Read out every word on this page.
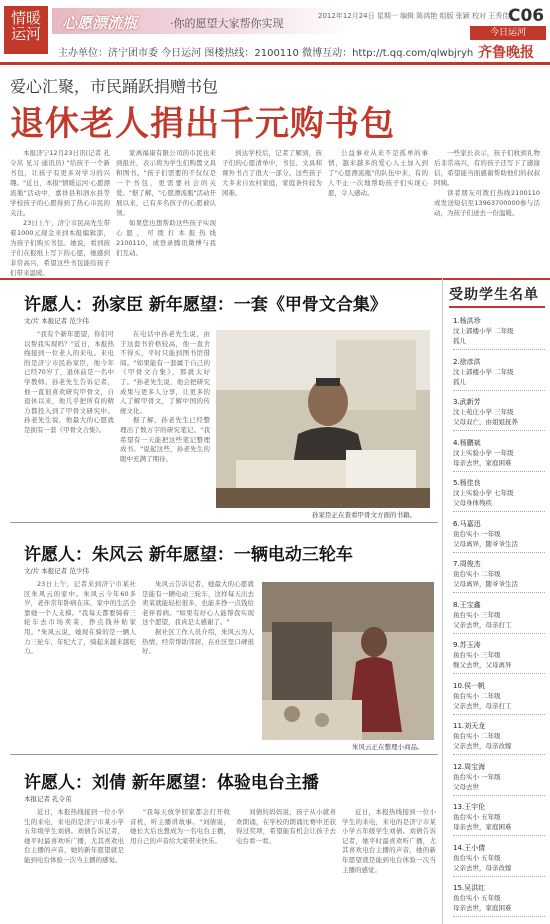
情暖运河
心愿漂流瓶	·你的愿望大家帮你实现
2012年12月24日 星期一 编辑 陈鸿艳 组版 张颖 校对 王秀佳
C06
今日运河
齐鲁晚报
主办单位：济宁团市委 今日运河 图楼热线：2100110 微博互动：http://t.qq.com/qlwbjryh
爱心汇聚，市民踊跃捐赠书包
退休老人捐出千元购书包

本报济宁12月23日讯(记者 孔令茁 见习 通讯员) "给孩子一个新书包，让孩子有更多对学习的兴趣。"近日，本报"情暖运河·心愿漂流瓶"活动中，嘉祥县和泗水县等学校孩子的心愿得到了热心市民的关注。

23日上午，济宁市民高先生带着1000元现金来到本报编辑部，为孩子们购买书包。她说，看到孩子们在报纸上写下的心愿，她感到非常高兴，希望这些书包能给孩子们带来温暖。

家离福康有限公司的市民也来到报社，表示将为学生们购置文具和图书。"孩子们需要的不仅仅是一个书包，更需要社会的关爱。"据了解，"心愿漂流瓶"活动开展以来，已有多名孩子的心愿被认领。

如果您也想帮助这些孩子实现心愿，可拨打本报热线2100110，或登录腾讯微博与我们互动。

到达学校后，记者了解到，孩子们的心愿清单中，书包、文具和课外书占了很大一部分。这些孩子大多来自农村家庭，家庭条件较为困难。

公益事业从来不是孤单的事情，越来越多的爱心人士加入到了"心愿漂流瓶"的队伍中来，有的人不止一次地帮助孩子们实现心愿，令人感动。

一些家长表示，孩子们收到礼物后非常高兴，有的孩子还写下了感谢信，希望能当面感谢帮助他们的叔叔阿姨。

读者朋友可拨打热线2100110或发送短信至13963700000参与活动，为孩子们送去一份温暖。

许愿人：孙家臣 新年愿望：一套《甲骨文合集》
文/片 本报记者 范少伟

"我有个新年愿望，你们可以帮我实现吗？"近日，本报热线接到一位老人的来电。来电的是济宁市民孙家臣，他今年已经70岁了，退休前是一名中学教师。孙老先生告诉记者，他一直很喜欢研究甲骨文，自退休以来，他几乎把所有的精力都投入到了甲骨文研究中。孙老先生说，他最大的心愿就是拥有一套《甲骨文合集》。

在电话中孙老先生说，由于这套书价格较高，他一直舍不得买，平时只能到图书馆借阅。"如果能有一套属于自己的《甲骨文合集》，那就太好了。"孙老先生说，他会把研究成果与更多人分享，让更多的人了解甲骨文，了解中国的传统文化。

据了解，孙老先生已经整理出了数万字的研究笔记。"我希望有一天能把这些笔记整理成书。"说起这些，孙老先生的眼中充满了期待。

孙家臣正在查看甲骨文方面的书籍。
许愿人：朱风云 新年愿望：一辆电动三轮车
文/片 本报记者 范少伟

23日上午，记者来到济宁市某社区朱风云的家中。朱风云今年60多岁，老伴常年卧病在床，家中的生活全靠她一个人支撑。"我每天都要骑着三轮车去市场卖菜，挣点钱补贴家用。"朱风云说，她现在骑的是一辆人力三轮车，年纪大了，骑起来越来越吃力。

朱风云告诉记者，她最大的心愿就是能有一辆电动三轮车，这样每天出去卖菜就能轻松很多，也能多挣一点钱给老伴看病。"如果有好心人能帮我实现这个愿望，我真是太感谢了。"

据社区工作人员介绍，朱风云为人热情，经常帮助邻居，在社区里口碑很好。

朱风云正在整理小商品。
许愿人：刘倩 新年愿望：体验电台主播
本报记者 孔令茁

近日，本报热线接到一位小学生的来电，来电的是济宁市某小学五年级学生刘倩。刘倩告诉记者，她平时最喜欢听广播，尤其喜欢电台主播的声音，她的新年愿望就是能到电台体验一次当主播的感觉。

"我每天放学回家都会打开收音机，听主播讲故事。"刘倩说，她长大后也想成为一名电台主播，用自己的声音给大家带来快乐。

刘倩的妈妈说，孩子从小就喜欢朗诵，在学校的朗诵比赛中还获得过奖项，希望能有机会让孩子去电台看一看。

近日，本报热线接到一位小学生的来电，来电的是济宁市某小学五年级学生刘倩。刘倩告诉记者，她平时最喜欢听广播，尤其喜欢电台主播的声音，她的新年愿望就是能到电台体验一次当主播的感觉。

受助学生名单
1.杨洪珍
汶上郭楼小学 二年级
孤儿
2.徐彦洪
汶上郭楼小学 二年级
孤儿
3.武新芳
汶上苑庄小学 三年级
父母双亡，由姐姐抚养
4.杨鹏斌
汶上实验小学 一年级
母亲去世，家庭困难
5.杨佳良
汶上实验小学 七年级
父母身体残疾
6.马嘉迅
鱼台实小 一年级
父母离异，随爷爷生活
7.周俊杰
鱼台实小 二年级
父母离异，随爷爷生活
8.王宝鑫
鱼台实小 三年级
父亲去世，母亲打工
9.苏玉涛
鱼台实小 三年级
继父去世，父母离异
10.侯一帆
鱼台实小 二年级
父亲去世，母亲打工
11.刘天龙
鱼台实小 二年级
父亲去世，母亲改嫁
12.周宝海
鱼台实小 一年级
父母去世
13.王宇伦
鱼台实小 五年级
母亲去世，家庭困难
14.王小倩
鱼台实小 五年级
父亲去世，母亲改嫁
15.吴洪红
鱼台实小 五年级
母亲去世，家庭困难
